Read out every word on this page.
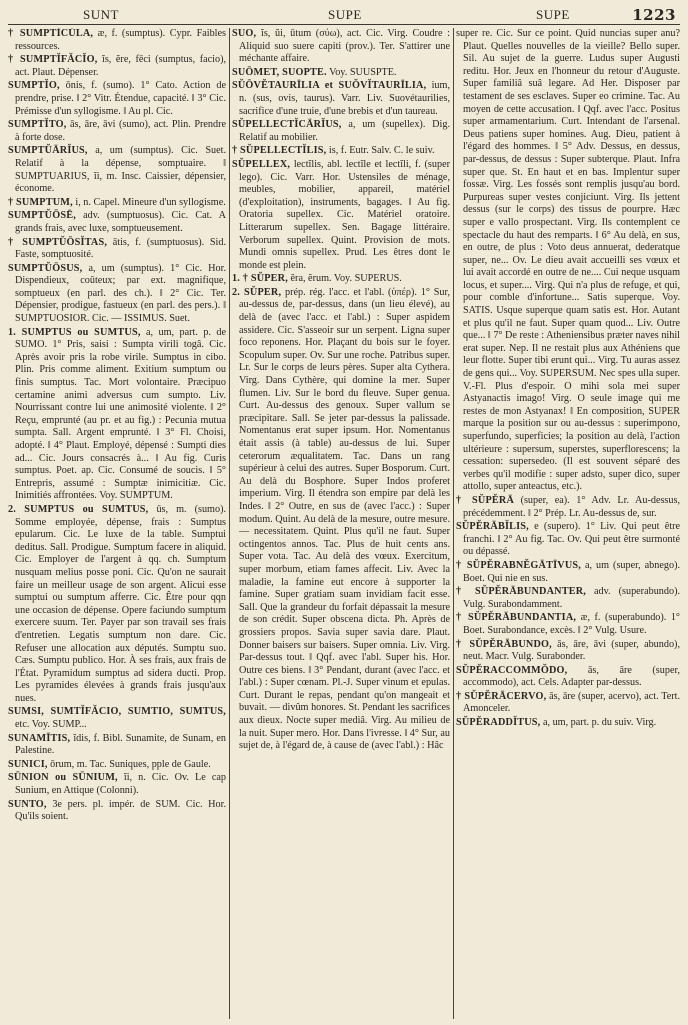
SUNT	SUPE	SUPE	1223

† SUMPTĬCŬLA, æ, f. (sumptus). Cypr. Faibles ressources.

† SUMPTĬFĂCĬO, ĭs, ĕre, fēci (sumptus, facio), act. Plaut. Dépenser.

SUMPTĬO, ōnis, f. (sumo). 1° Cato. Action de prendre, prise. ‖ 2° Vitr. Étendue, capacité. ‖ 3° Cic. Prémisse d'un syllogisme. ‖ Au pl. Cic.

SUMPTĬTO, ās, āre, āvi (sumo), act. Plin. Prendre à forte dose.

SUMPTŬĀRĬUS, a, um (sumptus). Cic. Suet. Relatif à la dépense, somptuaire. ‖ SUMPTUARIUS, ĭi, m. Insc. Caissier, dépensier, économe.

† SUMPTUM, i, n. Capel. Mineure d'un syllogisme.

SUMPTŬŌSĒ, adv. (sumptuosus). Cic. Cat. A grands frais, avec luxe, somptueusement.

† SUMPTŬŌSĬTAS, ātis, f. (sumptuosus). Sid. Faste, somptuosité.

SUMPTŬŌSUS, a, um (sumptus). 1° Cic. Hor. Dispendieux, coûteux; par ext. magnifique, somptueux (en parl. des ch.). ‖ 2° Cic. Ter. Dépensier, prodigue, fastueux (en parl. des pers.). ‖ SUMPTUOSIOR. Cic. — ISSIMUS. Suet.

1. SUMPTUS ou SUMTUS, a, um, part. p. de SUMO. 1° Pris, saisi : Sumpta virili togâ. Cic. Après avoir pris la robe virile. Sumptus in cibo. Plin. Pris comme aliment. Exitium sumptum ou finis sumptus. Tac. Mort volontaire. Præcipuo certamine animi adversus cum sumpto. Liv. Nourrissant contre lui une animosité violente. ‖ 2° Reçu, emprunté (au pr. et au fig.) : Pecunia mutua sumpta. Sall. Argent emprunté. ‖ 3° Fl. Choisi, adopté. ‖ 4° Plaut. Employé, dépensé : Sumpti dies ad... Cic. Jours consacrés à... ‖ Au fig. Curis sumptus. Poet. ap. Cic. Consumé de soucis. ‖ 5° Entrepris, assumé : Sumptæ inimicitiæ. Cic. Inimitiés affrontées. Voy. SUMPTUM.

2. SUMPTUS ou SUMTUS, ūs, m. (sumo). Somme employée, dépense, frais : Sumptus epularum. Cic. Le luxe de la table. Sumptui deditus. Sall. Prodigue. Sumptum facere in aliquid. Cic. Employer de l'argent à qq. ch. Sumptum nusquam melius posse poni. Cic. Qu'on ne saurait faire un meilleur usage de son argent. Alicui esse sumptui ou sumptum afferre. Cic. Être pour qqn une occasion de dépense. Opere faciundo sumptum exercere suum. Ter. Payer par son travail ses frais d'entretien. Legatis sumptum non dare. Cic. Refuser une allocation aux députés. Sumptu suo. Cæs. Sumptu publico. Hor. À ses frais, aux frais de l'État. Pyramidum sumptus ad sidera ducti. Prop. Les pyramides élevées à grands frais jusqu'aux nues.

SUMSI, SUMTĬFĂCIO, SUMTIO, SUMTUS, etc. Voy. SUMP...

SUNAMĪTIS, ĭdis, f. Bibl. Sunamite, de Sunam, en Palestine.

SUNICI, ōrum, m. Tac. Suniques, pple de Gaule.

SŪNION ou SŪNIUM, ĭi, n. Cic. Ov. Le cap Sunium, en Attique (Colonni).

SUNTO, 3e pers. pl. impér. de SUM. Cic. Hor. Qu'ils soient.

SUO, ĭs, ŭi, ūtum (σύω), act. Cic. Virg. Coudre : Aliquid suo suere capiti (prov.). Ter. S'attirer une méchante affaire.

SUŌMET, SUOPTE. Voy. SUUSPTE.

SŬŌVĔTAURĪLIA et SUŎVĬTAURĪLIA, ium, n. (sus, ovis, taurus). Varr. Liv. Suovétaurilies, sacrifice d'une truie, d'une brebis et d'un taureau.

SŬPELLECTĬCĀRĬUS, a, um (supellex). Dig. Relatif au mobilier.

† SŬPELLECTĬLIS, is, f. Eutr. Salv. C. le suiv.

SŬPELLEX, lectĭlis, abl. lectĭle et lectĭli, f. (super lego). Cic. Varr. Hor. Ustensiles de ménage, meubles, mobilier, appareil, matériel (d'exploitation), instruments, bagages. ‖ Au fig. Oratoria supellex. Cic. Matériel oratoire. Litterarum supellex. Sen. Bagage littéraire. Verborum supellex. Quint. Provision de mots. Mundi omnis supellex. Prud. Les êtres dont le monde est plein.

1. † SŬPER, ĕra, ĕrum. Voy. SUPERUS.

2. SŬPER, prép. rég. l'acc. et l'abl. (ὑπέρ). 1° Sur, au-dessus de, par-dessus, dans (un lieu élevé), au delà de (avec l'acc. et l'abl.) : Super aspidem assidere. Cic. S'asseoir sur un serpent. Ligna super foco reponens. Hor. Plaçant du bois sur le foyer. Scopulum super. Ov. Sur une roche. Patribus super. Lr. Sur le corps de leurs pères. Super alta Cythera. Virg. Dans Cythère, qui domine la mer. Super flumen. Liv. Sur le bord du fleuve. Super genua. Curt. Au-dessus des genoux. Super vallum se præcipitare. Sall. Se jeter par-dessus la palissade. Nomentanus erat super ipsum. Hor. Nomentanus était assis (à table) au-dessus de lui. Super ceterorum æqualitatem. Tac. Dans un rang supérieur à celui des autres. Super Bosporum. Curt. Au delà du Bosphore. Super Indos proferet imperium. Virg. Il étendra son empire par delà les Indes. ‖ 2° Outre, en sus de (avec l'acc.) : Super modum. Quint. Au delà de la mesure, outre mesure. — necessitatem. Quint. Plus qu'il ne faut. Super octingentos annos. Tac. Plus de huit cents ans. Super vota. Tac. Au delà des vœux. Exercitum, super morbum, etiam fames affecit. Liv. Avec la maladie, la famine eut encore à supporter la famine. Super gratiam suam invidiam facit esse. Sall. Que la grandeur du forfait dépassait la mesure de son crédit. Super obscena dicta. Ph. Après de grossiers propos. Savia super savia dare. Plaut. Donner baisers sur baisers. Super omnia. Liv. Virg. Par-dessus tout. ‖ Qqf. avec l'abl. Super his. Hor. Outre ces biens. ‖ 3° Pendant, durant (avec l'acc. et l'abl.) : Super cœnam. Pl.-J. Super vinum et epulas. Curt. Durant le repas, pendant qu'on mangeait et buvait. — divûm honores. St. Pendant les sacrifices aux dieux. Nocte super mediâ. Virg. Au milieu de la nuit. Super mero. Hor. Dans l'ivresse. ‖ 4° Sur, au sujet de, à l'égard de, à cause de (avec l'abl.) : Hâc

super re. Cic. Sur ce point. Quid nuncias super anu? Plaut. Quelles nouvelles de la vieille? Bello super. Sil. Au sujet de la guerre. Ludus super Augusti reditu. Hor. Jeux en l'honneur du retour d'Auguste. Super familiâ suâ legare. Ad Her. Disposer par testament de ses esclaves. Super eo crimine. Tac. Au moyen de cette accusation. ‖ Qqf. avec l'acc. Positus super armamentarium. Curt. Intendant de l'arsenal. Deus patiens super homines. Aug. Dieu, patient à l'égard des hommes. ‖ 5° Adv. Dessus, en dessus, par-dessus, de dessus : Super subterque. Plaut. Infra super que. St. En haut et en bas. Implentur super fossæ. Virg. Les fossés sont remplis jusqu'au bord. Purpureas super vestes conjiciunt. Virg. Ils jettent dessus (sur le corps) des tissus de pourpre. Hæc super e vallo prospectant. Virg. Ils contemplent ce spectacle du haut des remparts. ‖ 6° Au delà, en sus, en outre, de plus : Voto deus annuerat, dederatque super, ne... Ov. Le dieu avait accueilli ses vœux et lui avait accordé en outre de ne.... Cui neque usquam locus, et super.... Virg. Qui n'a plus de refuge, et qui, pour comble d'infortune... Satis superque. Voy. SATIS. Usque superque quam satis est. Hor. Autant et plus qu'il ne faut. Super quam quod... Liv. Outre que... ‖ 7° De reste : Atheniensibus præter naves nihil erat super. Nep. Il ne restait plus aux Athéniens que leur flotte. Super tibi erunt qui... Virg. Tu auras assez de gens qui... Voy. SUPERSUM. Nec spes ulla super. V.-Fl. Plus d'espoir. O mihi sola mei super Astyanactis imago! Virg. O seule image qui me restes de mon Astyanax! ‖ En composition, SUPER marque la position sur ou au-dessus : superimpono, superfundo, superficies; la position au delà, l'action ultérieure : supersum, superstes, superflorescens; la cessation: supersedeo. (Il est souvent séparé des verbes qu'il modifie : super adsto, super dico, super attollo, super anteactus, etc.).

† SŬPĔRĀ (super, ea). 1° Adv. Lr. Au-dessus, précédemment. ‖ 2° Prép. Lr. Au-dessus de, sur.

SŬPĔRĀBĬLIS, e (supero). 1° Liv. Qui peut être franchi. ‖ 2° Au fig. Tac. Ov. Qui peut être surmonté ou dépassé.

† SŬPĔRABNĔGĀTĪVUS, a, um (super, abnego). Boet. Qui nie en sus.

† SŬPĔRĀBUNDANTER, adv. (superabundo). Vulg. Surabondamment.

† SŬPĔRĀBUNDANTIA, æ, f. (superabundo). 1° Boet. Surabondance, excès. ‖ 2° Vulg. Usure.

† SŬPĔRĀBUNDO, ās, āre, āvi (super, abundo), neut. Macr. Vulg. Surabonder.

SŬPĔRACCOMMŎDO, ās, āre (super, accommodo), act. Cels. Adapter par-dessus.

† SŬPĔRĀCERVO, ās, āre (super, acervo), act. Tert. Amonceler.

SŬPĔRADDĬTUS, a, um, part. p. du suiv. Virg.
